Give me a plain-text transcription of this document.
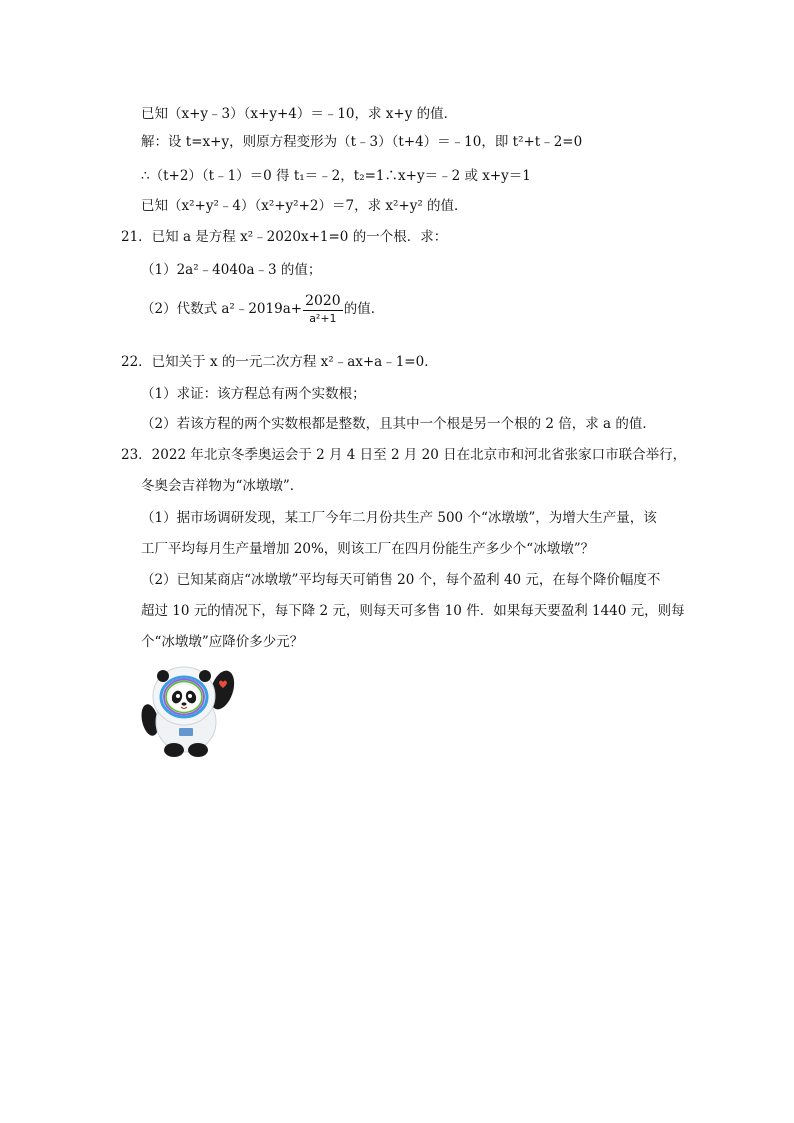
已知（x+y﹣3）（x+y+4）＝﹣10，求 x+y 的值．
解：设 t=x+y，则原方程变形为（t﹣3）（t+4）＝﹣10，即 t²+t﹣2=0
∴（t+2）（t﹣1）＝0 得 t₁＝﹣2，t₂=1∴x+y＝﹣2 或 x+y＝1
已知（x²+y²﹣4）（x²+y²+2）＝7，求 x²+y² 的值．
21．已知 a 是方程 x²﹣2020x+1=0 的一个根．求：
（1）2a²﹣4040a﹣3 的值；
（2）代数式 a²﹣2019a+ $\frac{2020}{\text{a²+1}}$ 的值．
22．已知关于 x 的一元二次方程 x²﹣ax+a﹣1=0．
（1）求证：该方程总有两个实数根；
（2）若该方程的两个实数根都是整数，且其中一个根是另一个根的 2 倍，求 a 的值．
23．2022 年北京冬季奥运会于 2 月 4 日至 2 月 20 日在北京市和河北省张家口市联合举行，
冬奥会吉祥物为“冰墩墩”．
（1）据市场调研发现，某工厂今年二月份共生产 500 个“冰墩墩”，为增大生产量，该
工厂平均每月生产量增加 20%，则该工厂在四月份能生产多少个“冰墩墩”？
（2）已知某商店“冰墩墩”平均每天可销售 20 个，每个盈利 40 元，在每个降价幅度不
超过 10 元的情况下，每下降 2 元，则每天可多售 10 件．如果每天要盈利 1440 元，则每
个“冰墩墩”应降价多少元？
